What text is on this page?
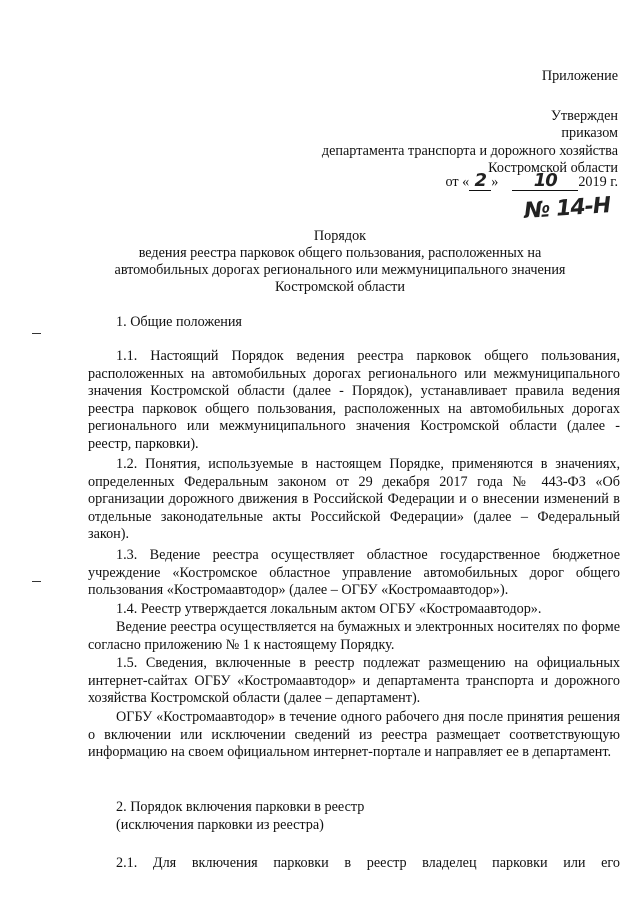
Приложение
Утвержден
приказом
департамента транспорта и дорожного хозяйства
Костромской области
от « 2 » 10 2019 г.
№ 14-Н
Порядок
ведения реестра парковок общего пользования, расположенных на
автомобильных дорогах регионального или межмуниципального значения
Костромской области
1. Общие положения
1.1. Настоящий Порядок ведения реестра парковок общего пользования, расположенных на автомобильных дорогах регионального или межмуниципального значения Костромской области (далее - Порядок), устанавливает правила ведения реестра парковок общего пользования, расположенных на автомобильных дорогах регионального или межмуниципального значения Костромской области (далее - реестр, парковки).
1.2. Понятия, используемые в настоящем Порядке, применяются в значениях, определенных Федеральным законом от 29 декабря 2017 года № 443-ФЗ «Об организации дорожного движения в Российской Федерации и о внесении изменений в отдельные законодательные акты Российской Федерации» (далее – Федеральный закон).
1.3. Ведение реестра осуществляет областное государственное бюджетное учреждение «Костромское областное управление автомобильных дорог общего пользования «Костромаавтодор» (далее – ОГБУ «Костромаавтодор»).
1.4. Реестр утверждается локальным актом ОГБУ «Костромаавтодор».
Ведение реестра осуществляется на бумажных и электронных носителях по форме согласно приложению № 1 к настоящему Порядку.
1.5. Сведения, включенные в реестр подлежат размещению на официальных интернет-сайтах ОГБУ «Костромаавтодор» и департамента транспорта и дорожного хозяйства Костромской области (далее – департамент).
ОГБУ «Костромаавтодор» в течение одного рабочего дня после принятия решения о включении или исключении сведений из реестра размещает соответствующую информацию на своем официальном интернет-портале и направляет ее в департамент.
2. Порядок включения парковки в реестр
(исключения парковки из реестра)
2.1. Для включения парковки в реестр владелец парковки или его
